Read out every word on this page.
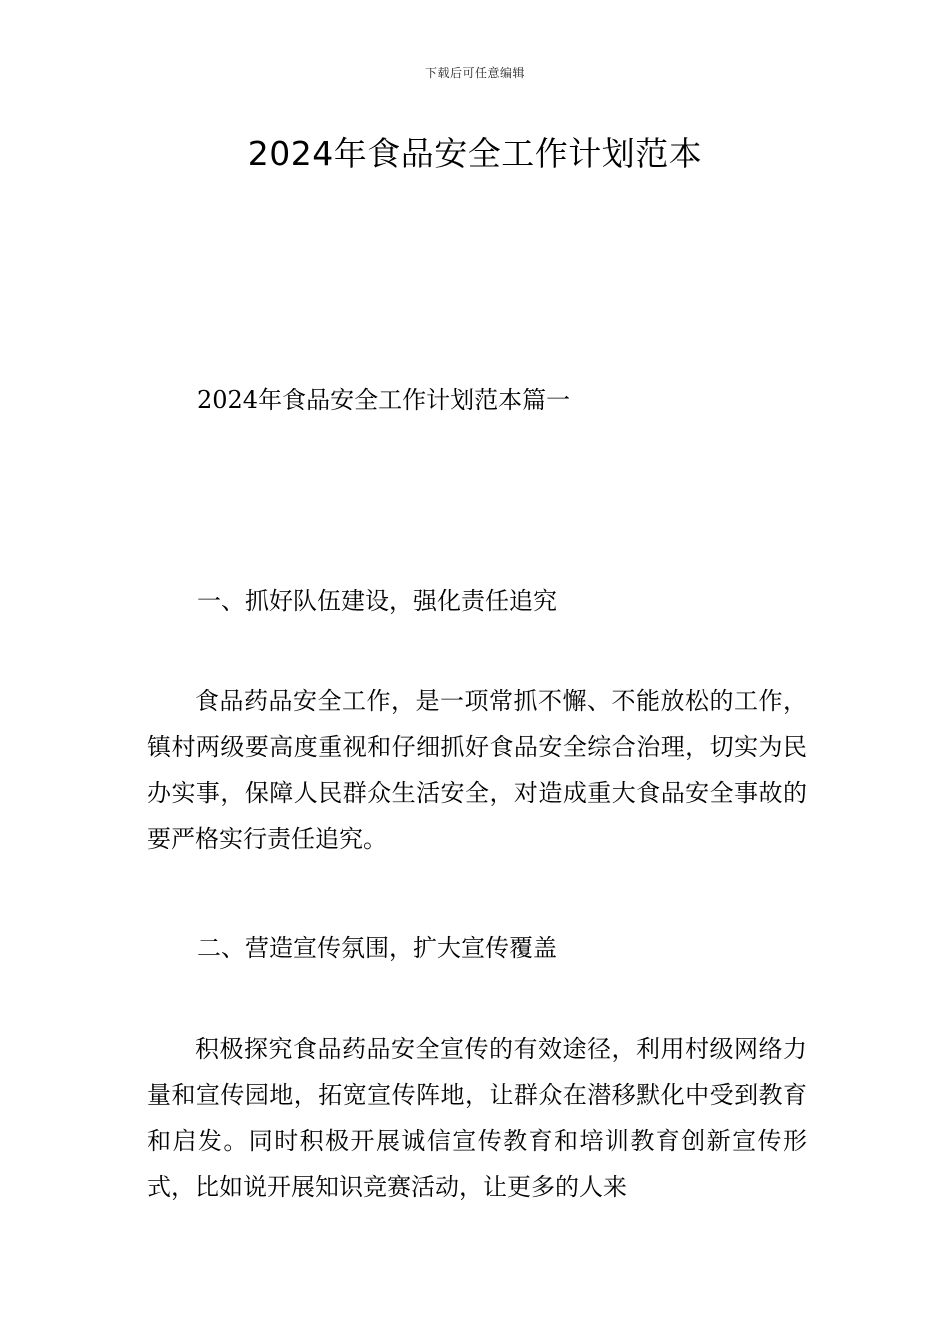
下载后可任意编辑
2024年食品安全工作计划范本

2024年食品安全工作计划范本篇一

一、抓好队伍建设，强化责任追究

食品药品安全工作，是一项常抓不懈、不能放松的工作，镇村两级要高度重视和仔细抓好食品安全综合治理，切实为民办实事，保障人民群众生活安全，对造成重大食品安全事故的要严格实行责任追究。

二、营造宣传氛围，扩大宣传覆盖

积极探究食品药品安全宣传的有效途径，利用村级网络力量和宣传园地，拓宽宣传阵地，让群众在潜移默化中受到教育和启发。同时积极开展诚信宣传教育和培训教育创新宣传形式，比如说开展知识竞赛活动，让更多的人来
